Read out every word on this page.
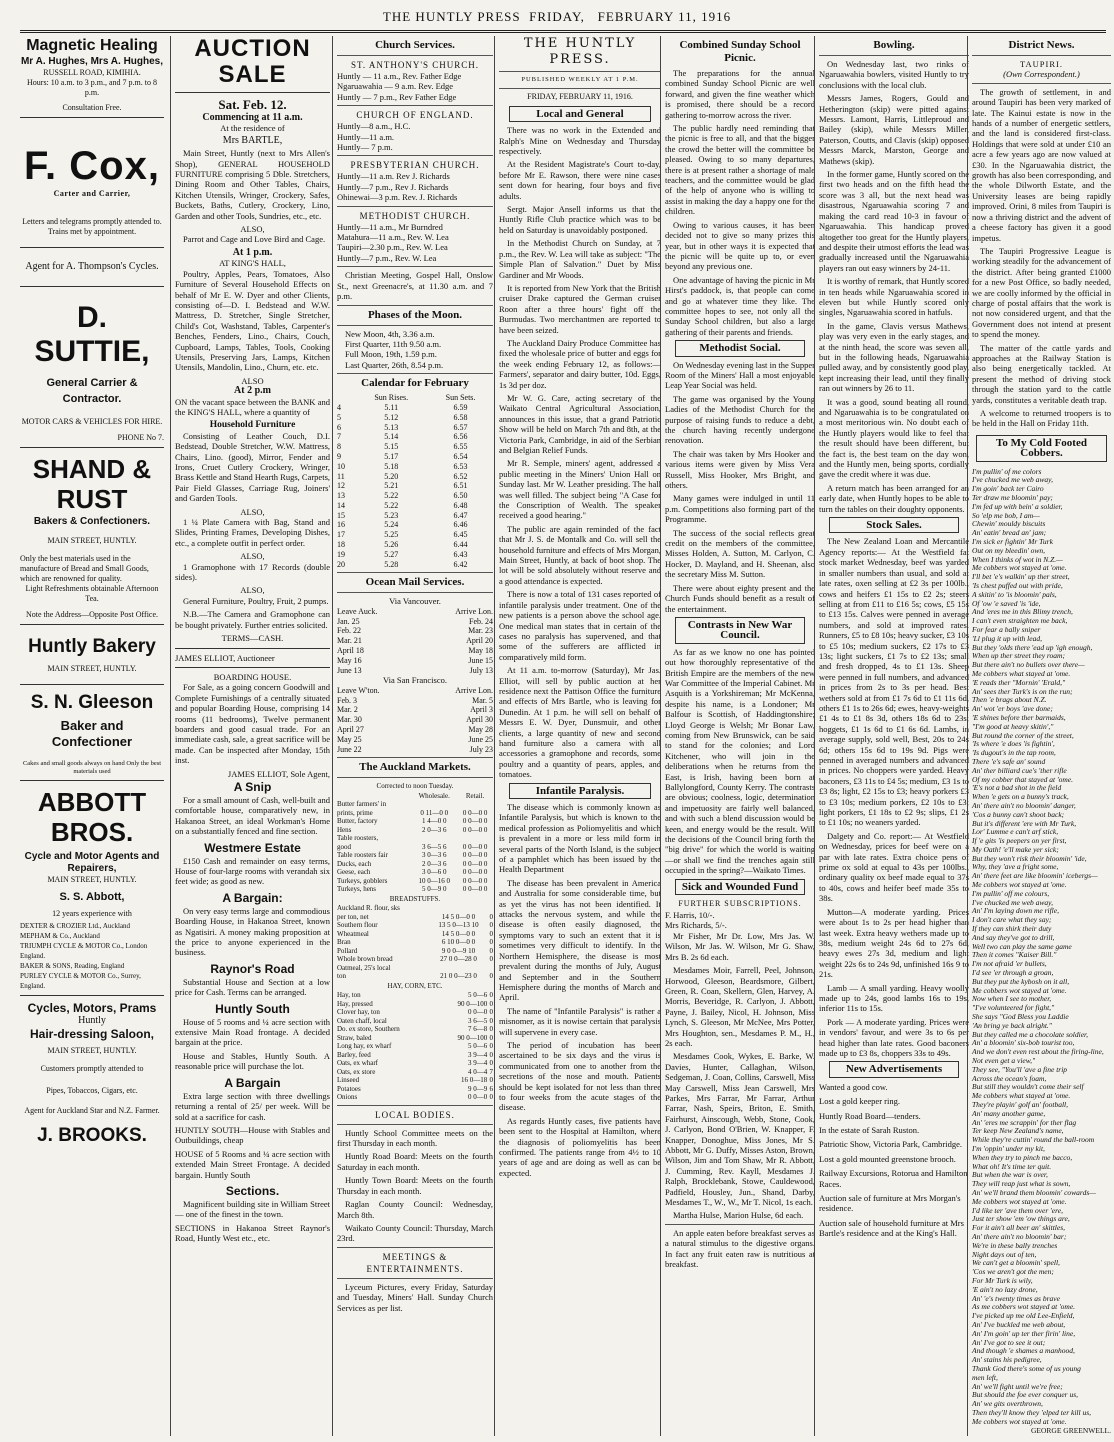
THE HUNTLY PRESS FRIDAY, FEBRUARY 11, 1916
Magnetic Healing
Mr A. Hughes, Mrs A. Hughes,
RUSSELL ROAD, KIMIHIA.
Hours: 10 a.m. to 3 p.m., and 7 p.m. to 8 p.m.
Consultation Free.
F. Cox,
Carter and Carrier,
Letters and telegrams promptly attended to.
Trains met by appointment.
Agent for A. Thompson's Cycles.
D. SUTTIE,
General Carrier &
Contractor.
MOTOR CARS & VEHICLES FOR HIRE.
PHONE No 7.
SHAND & RUST
Bakers & Confectioners.
MAIN STREET, HUNTLY.
Only the best materials used in the manufacture of Bread and Small Goods, which are renowned for quality.
Light Refreshments obtainable Afternoon Tea.
Note the Address—Opposite Post Office.
Huntly Bakery
MAIN STREET, HUNTLY.
S. N. Gleeson
Baker and
Confectioner
Cakes and small goods always on hand Only the best materials used
ABBOTT BROS.
Cycle and Motor Agents and Repairers,
MAIN STREET, HUNTLY.
S. S. Abbott,
12 years experience with
DEXTER & CROZIER Ltd., Auckland
MEPHAM & Co., Auckland
TRIUMPH CYCLE & MOTOR Co., London England.
BAKER & SONS, Reading, England
PURLEY CYCLE & MOTOR Co., Surrey, England.
Cycles, Motors, Prams
Huntly
Hair-dressing Saloon,
MAIN STREET, HUNTLY.
Customers promptly attended to
Pipes, Tobaccos, Cigars, etc.
Agent for Auckland Star and N.Z. Farmer.
J. BROOKS.
AUCTION SALE
Sat. Feb. 12.
Commencing at 11 a.m.
At the residence of
Mrs BARTLE,

Main Street, Huntly (next to Mrs Allen's Shop), GENERAL HOUSEHOLD FURNITURE comprising 5 Dble. Stretchers, Dining Room and Other Tables, Chairs, Kitchen Utensils, Wringer, Crockery, Safes, Buckets, Baths, Cutlery, Crockery, Lino, Garden and other Tools, Sundries, etc., etc.

ALSO,

Parrot and Cage and Love Bird and Cage.

At 1 p.m.
AT KING'S HALL,

Poultry, Apples, Pears, Tomatoes, Also Furniture of Several Household Effects on behalf of Mr E. W. Dyer and other Clients, consisting of—D. I. Bedstead and W.W. Mattress, D. Stretcher, Single Stretcher, Child's Cot, Washstand, Tables, Carpenter's Benches, Fenders, Lino., Chairs, Couch, Cupboard, Lamps, Tables, Tools, Cooking Utensils, Preserving Jars, Lamps, Kitchen Utensils, Mandolin, Lino., Churn, etc. etc.

ALSO
At 2 p.m

ON the vacant space between the BANK and the KING'S HALL, where a quantity of

Household Furniture

Consisting of Leather Couch, D.I. Bedstead, Double Stretcher, W.W. Mattress, Chairs, Lino. (good), Mirror, Fender and Irons, Cruet Cutlery Crockery, Wringer, Brass Kettle and Stand Hearth Rugs, Carpets, Pair Field Glasses, Carriage Rug, Joiners' and Garden Tools.

ALSO,

1 ¼ Plate Camera with Bag, Stand and Slides, Printing Frames, Developing Dishes, etc., a complete outfit in perfect order.

ALSO,

1 Gramophone with 17 Records (double sides).

ALSO,

General Furniture, Poultry, Fruit, 2 pumps.

N.B.—The Camera and Gramophone can be bought privately. Further entries solicited.

TERMS—CASH.
JAMES ELLIOT, Auctioneer
BOARDING HOUSE.

For Sale, as a going concern Goodwill and Complete Furnishings of a centrally situated and popular Boarding House, comprising 14 rooms (11 bedrooms), Twelve permanent boarders and good casual trade. For an immediate cash, sale, a great sacrifice will be made. Can be inspected after Monday, 15th inst.

JAMES ELLIOT, Sole Agent,
A Snip

For a small amount of Cash, well-built and comfortable house, comparatively new, in Hakanoa Street, an ideal Workman's Home on a substantially fenced and fine section.

Westmere Estate

£150 Cash and remainder on easy terms, House of four-large rooms with verandah six feet wide; as good as new.

A Bargain:

On very easy terms large and commodious Boarding House, in Hakanoa Street, known as Ngatisiri. A money making proposition at the price to anyone experienced in the business.

Raynor's Road

Substantial House and Section at a low price for Cash. Terms can be arranged.

Huntly South

House of 5 rooms and ¼ acre section with extensive Main Road frontage. A decided bargain at the price.

House and Stables, Huntly South. A reasonable price will purchase the lot.

A Bargain

Extra large section with three dwellings returning a rental of 25/ per week. Will be sold at a sacrifice for cash.

HUNTLY SOUTH—House with Stables and Outbuildings, cheap

HOUSE of 5 Rooms and ¼ acre section with extended Main Street Frontage. A decided bargain. Huntly South

Sections.

Magnificent building site in William Street — one of the finest in the town.

SECTIONS in Hakanoa Street Raynor's Road, Huntly West etc., etc.

Church Services.
ST. ANTHONY'S CHURCH.
Huntly — 11 a.m., Rev. Father Edge
Ngaruawahia — 9 a.m. Rev. Edge
Huntly — 7 p.m., Rev Father Edge
CHURCH OF ENGLAND.
Huntly—8 a.m., H.C.
Huntly—11 a.m.
Huntly— 7 p.m.
PRESBYTERIAN CHURCH.
Huntly—11 a.m. Rev J. Richards
Huntly—7 p.m., Rev J. Richards
Ohinewai—3 p.m. Rev. J. Richards
METHODIST CHURCH.
Huntly—11 a.m., Mr Burndred
Matahura—11 a.m., Rev. W. Lea
Taupiri—2.30 p.m., Rev. W. Lea
Huntly—7 p.m., Rev. W. Lea

Christian Meeting, Gospel Hall, Onslow St., next Greenacre's, at 11.30 a.m. and 7 p.m.

Phases of the Moon.
New Moon, 4th, 3.36 a.m.
First Quarter, 11th 9.50 a.m.
Full Moon, 19th, 1.59 p.m.
Last Quarter, 26th, 8.54 p.m.
Calendar for February
	Sun Rises.	Sun Sets.
4	5.11	6.59
5	5.12	6.58
6	5.13	6.57
7	5.14	6.56
8	5.15	6.55
9	5.17	6.54
10	5.18	6.53
11	5.20	6.52
12	5.21	6.51
13	5.22	6.50
14	5.22	6.48
15	5.23	6.47
16	5.24	6.46
17	5.25	6.45
18	5.26	6.44
19	5.27	6.43
20	5.28	6.42
Ocean Mail Services.
Via Vancouver.
Leave Auck.	Arrive Lon.
Jan. 25	Feb. 24
Feb. 22	Mar. 23
Mar. 21	April 20
April 18	May 18
May 16	June 15
June 13	July 13
Via San Francisco.
Leave W'ton.	Arrive Lon.
Feb. 3	Mar. 5
Mar. 2	April 3
Mar. 30	April 30
April 27	May 28
May 25	June 25
June 22	July 23
The Auckland Markets.
Corrected to noon Tuesday.
	Wholesale.	Retail.
Butter farmers' in		
prints, prime	0 11—0 0	0 0—0 0
Butter, factory	1 4—0 0	0 0—0 0
Hens	2 0—3 6	0 0—0 0
Table roosters,		
good	3 6—5 6	0 0—0 0
Table roosters fair	3 0—3 6	0 0—0 0
Ducks, each	2 0—3 6	0 0—0 0
Geese, each	3 0—6 0	0 0—0 0
Turkeys, gobblers	10 0—16 0	0 0—0 0
Turkeys, hens	5 0—9 0	0 0—0 0
BREADSTUFFS.
Auckland R. flour, sks		
per ton, net	14 5 0—0 0	0
Southern flour	13 5 0—13 10	0
Wheatmeal	14 5 0—0 0	0
Bran	6 10 0—0 0	0
Pollard	9 0 0—9 10	0
Whole brown bread	27 0 0—28 0	0
Oatmeal, 25's local		
ton	21 0 0—23 0	0
HAY, CORN, ETC.
Hay, ton	5 0—6	0
Hay, pressed	90 0—100	0
Clover hay, ton	0 0—0	0
Oaten chaff, local	3 6—5	0
Do. ex store, Southern	7 6—8	0
Straw, baled	90 0—100	0
Long hay, ex wharf	5 0—6	0
Barley, feed	3 9—4	0
Oats, ex wharf	3 9—4	0
Oats, ex store	4 0—4	7
Linseed	16 0—18	0
Potatoes	9 0—9	6
Onions	0 0—0	0
LOCAL BODIES.

Huntly School Committee meets on the first Thursday in each month.

Huntly Road Board: Meets on the fourth Saturday in each month.

Huntly Town Board: Meets on the fourth Thursday in each month.

Raglan County Council: Wednesday, March 8th.

Waikato County Council: Thursday, March 23rd.

MEETINGS & ENTERTAINMENTS.

Lyceum Pictures, every Friday, Saturday and Tuesday, Miners' Hall. Sunday Church Services as per list.

THE HUNTLY PRESS.
PUBLISHED WEEKLY AT 1 P.M.
FRIDAY, FEBRUARY 11, 1916.
Local and General

There was no work in the Extended and Ralph's Mine on Wednesday and Thursday respectively.

At the Resident Magistrate's Court to-day, before Mr E. Rawson, there were nine cases sent down for hearing, four boys and five adults.

Sergt. Major Ansell informs us that the Huntly Rifle Club practice which was to be held on Saturday is unavoidably postponed.

In the Methodist Church on Sunday, at 7 p.m., the Rev. W. Lea will take as subject: "The Simple Plan of Salvation." Duet by Miss Gardiner and Mr Woods.

It is reported from New York that the British cruiser Drake captured the German cruiser Roon after a three hours' fight off the Burmudas. Two merchantmen are reported to have been seized.

The Auckland Dairy Produce Committee has fixed the wholesale price of butter and eggs for the week ending February 12, as follows:— Farmers', separator and dairy butter, 10d. Eggs, 1s 3d per doz.

Mr W. G. Care, acting secretary of the Waikato Central Agricultural Association, announces in this issue, that a grand Patriotic Show will be held on March 7th and 8th, at the Victoria Park, Cambridge, in aid of the Serbian and Belgian Relief Funds.

Mr R. Semple, miners' agent, addressed a public meeting in the Miners' Union Hall on Sunday last. Mr W. Leather presiding. The hall was well filled. The subject being "A Case for the Conscription of Wealth. The speaker received a good hearing."

The public are again reminded of the fact that Mr J. S. de Montalk and Co. will sell the household furniture and effects of Mrs Morgan, Main Street, Huntly, at back of boot shop. The lot will be sold absolutely without reserve and a good attendance is expected.

There is now a total of 131 cases reported of infantile paralysis under treatment. One of the new patients is a person above the school age. One medical man states that in certain of the cases no paralysis has supervened, and that some of the sufferers are afflicted in comparatively mild form.

At 11 a.m. to-morrow (Saturday), Mr Jas. Elliot, will sell by public auction at her residence next the Pattison Office the furniture and effects of Mrs Bartle, who is leaving for Dunedin. At 1 p.m. he will sell on behalf of Messrs E. W. Dyer, Dunsmuir, and other clients, a large quantity of new and second hand furniture also a camera with all accessories a gramophone and records, some poultry and a quantity of pears, apples, and tomatoes.

Infantile Paralysis.

The disease which is commonly known as Infantile Paralysis, but which is known to the medical profession as Poliomyelitis and which is prevalent in a more or less mild form in several parts of the North Island, is the subject of a pamphlet which has been issued by the Health Department

The disease has been prevalent in America and Australia for some considerable time, but as yet the virus has not been identified. It attacks the nervous system, and while the disease is often easily diagnosed, the symptoms vary to such an extent that it is sometimes very difficult to identify. In the Northern Hemisphere, the disease is most prevalent during the months of July, August and September and in the Southern Hemisphere during the months of March and April.

The name of "Infantile Paralysis" is rather a misnomer, as it is nowise certain that paralysis will supervene in every case.

The period of incubation has been ascertained to be six days and the virus is communicated from one to another from the secretions of the nose and mouth. Patients should be kept isolated for not less than three to four weeks from the acute stages of the disease.

As regards Huntly cases, five patients have been sent to the Hospital at Hamilton, where the diagnosis of poliomyelitis has been confirmed. The patients range from 4½ to 10 years of age and are doing as well as can be expected.

Combined Sunday School Picnic.

The preparations for the annual combined Sunday School Picnic are well forward, and given the fine weather which is promised, there should be a record gathering to-morrow across the river.

The public hardly need reminding that the picnic is free to all, and that the bigger the crowd the better will the committee be pleased. Owing to so many departures, there is at present rather a shortage of male teachers, and the committee would be glad of the help of anyone who is willing to assist in making the day a happy one for the children.

Owing to various causes, it has been decided not to give so many prizes this year, but in other ways it is expected that the picnic will be quite up to, or even beyond any previous one.

One advantage of having the picnic in Mr Hirst's paddock, is, that people can come and go at whatever time they like. The committee hopes to see, not only all the Sunday School children, but also a large gathering of their parents and friends.

Methodist Social.

On Wednesday evening last in the Supper Room of the Miners' Hall a most enjoyable Leap Year Social was held.

The game was organised by the Young Ladies of the Methodist Church for the purpose of raising funds to reduce a debt, the church having recently undergone renovation.

The chair was taken by Mrs Hooker and various items were given by Miss Vera Russell, Miss Hooker, Mrs Bright, and others.

Many games were indulged in until 11 p.m. Competitions also forming part of the Programme.

The success of the social reflects great credit on the members of the committee, Misses Holden, A. Sutton, M. Carlyon, C. Hocker, D. Mayland, and H. Sheenan, also the secretary Miss M. Sutton.

There were about eighty present and the Church Funds should benefit as a result of the entertainment.

Contrasts in New War Council.

As far as we know no one has pointed out how thoroughly representative of the British Empire are the members of the new War Committee of the Imperial Cabinet. Mr Asquith is a Yorkshireman; Mr McKenna, despite his name, is a Londoner; Mr Balfour is Scottish, of Haddingtonshire; Lloyd George is Welsh; Mr Bonar Law, coming from New Brunswick, can be said to stand for the colonies; and Lord Kitchener, who will join in the deliberations when he returns from the East, is Irish, having been born at Ballylongford, County Kerry. The contrasts are obvious; coolness, logic, determination and impetuosity are fairly well balanced, and with such a blend discussion would be keen, and energy would be the result. Will the decisions of the Council bring forth the "big drive" for which the world is waiting—or shall we find the trenches again still occupied in the spring?—Waikato Times.

Sick and Wounded Fund
FURTHER SUBSCRIPTIONS.
F. Harris, 10/-.
Mrs Richards, 5/-.

Mr Fisher, Mr Dr. Low, Mrs Jas. W. Wilson, Mr Jas. W. Wilson, Mr G. Shaw, Mrs B. 2s 6d each.

Mesdames Moir, Farrell, Peel, Johnson, Horwood, Gleeson, Beardsmore, Gilbert, Green, R. Coan, Skellern, Glen, Harvey, A. Morris, Beveridge, R. Carlyon, J. Abbott, Payne, J. Bailey, Nicol, H. Johnson, Miss Lynch, S. Gleeson, Mr McNee, Mrs Potter, Mrs Houghton, sen., Mesdames P. M., H., 2s each.

Mesdames Cook, Wykes, E. Barke, W. Davies, Hunter, Callaghan, Wilson, Sedgeman, J. Coan, Collins, Carswell, Miss May Carswell, Miss Jean Carswell, Mrs Parkes, Mrs Farrar, Mr Farrar, Arthur Farrar, Nash, Speirs, Briton, E. Smith, Fairhurst, Ainscough, Webb, Stone, Cook, J. Carlyon, Bond O'Brien, W. Knapper, F. Knapper, Donoghue, Miss Jones, Mr S. Abbott, Mr G. Duffy, Misses Aston, Brown, Wilson, Jim and Tom Shaw, Mr R. Abbott, J. Cumming, Rev. Kayll, Mesdames J. Ralph, Brocklebank, Stowe, Cauldewood, Padfield, Housley, Jun., Shand, Darby, Mesdames T., W., W., Mr T. Nicol, 1s each.

Martha Hulse, Marion Hulse, 6d each.

An apple eaten before breakfast serves as a natural stimulus to the digestive organs. In fact any fruit eaten raw is nutritious at breakfast.

Bowling.

On Wednesday last, two rinks of Ngaruawahia bowlers, visited Huntly to try conclusions with the local club.

Messrs James, Rogers, Gould and Hetherington (skip) were pitted against Messrs. Lamont, Harris, Littleproud and Bailey (skip), while Messrs Miller, Paterson, Coutts, and Clavis (skip) opposed Messrs Marck, Marston, George and Mathews (skip).

In the former game, Huntly scored on the first two heads and on the fifth head the score was 3 all, but the next head was disastrous, Ngaruawahia scoring 7 and making the card read 10-3 in favour of Ngaruawahia. This handicap proved altogether too great for the Huntly players, and despite their utmost efforts the lead was gradually increased until the Ngaruawahia players ran out easy winners by 24-11.

It is worthy of remark, that Huntly scored in ten heads while Ngaruawahia scored in eleven but while Huntly scored only singles, Ngaruawahia scored in hatfuls.

In the game, Clavis versus Mathews, play was very even in the early stages, and at the ninth head, the score was seven all, but in the following heads, Ngaruawahia pulled away, and by consistently good play, kept increasing their lead, until they finally ran out winners by 26 to 11.

It was a good, sound beating all round, and Ngaruawahia is to be congratulated on a most meritorious win. No doubt each of the Huntly players would like to feel that the result should have been different, but the fact is, the best team on the day won, and the Huntly men, being sports, cordially gave the credit where it was due.

A return match has been arranged for an early date, when Huntly hopes to be able to turn the tables on their doughty opponents.

Stock Sales.

The New Zealand Loan and Mercantile Agency reports:— At the Westfield fat stock market Wednesday, beef was yarded in smaller numbers than usual, and sold at late rates, oxen selling at £2 3s per 100lb., cows and heifers £1 15s to £2 2s; steers selling at from £11 to £16 5s; cows, £5 15s to £13 15s. Calves were penned in average numbers, and sold at improved rates. Runners, £5 to £8 10s; heavy sucker, £3 10s to £5 10s; medium suckers, £2 17s to £3 13s; light suckers, £1 7s to £2 13s; small and fresh dropped, 4s to £1 13s. Sheep were penned in full numbers, and advanced in prices from 2s to 3s per head. Best wethers sold at from £1 7s 6d to £1 11s 6d, others £1 1s to 26s 6d; ewes, heavy-weights £1 4s to £1 8s 3d, others 18s 6d to 23s; hoggets, £1 1s 6d to £1 6s 6d. Lambs, in average supply, sold well, Best, 20s to 24s 6d; others 15s 6d to 19s 9d. Pigs were penned in averaged numbers and advanced in prices. No choppers were yarded. Heavy baconers, £3 11s to £4 5s; medium, £3 1s to £3 8s; light, £2 15s to £3; heavy porkers £3 to £3 10s; medium porkers, £2 10s to £3; light porkers, £1 18s to £2 9s; slips, £1 2s to £1 10s; no weaners yarded.

Dalgety and Co. report:— At Westfield on Wednesday, prices for beef were on a par with late rates. Extra choice pens of prime ox sold at equal to 43s per 100lbs., ordinary quality ox beef made equal to 37s to 40s, cows and heifer beef made 35s to 38s.

Mutton—A moderate yarding. Prices were about 1s to 2s per head higher than last week. Extra heavy wethers made up to 38s, medium weight 24s 6d to 27s 6d, heavy ewes 27s 3d, medium and light weight 22s 6s to 24s 9d, unfinished 16s 9 to 21s.

Lamb — A small yarding. Heavy woolly made up to 24s, good lambs 16s to 19s, inferior 11s to 15s.

Pork — A moderate yarding. Prices were in vendors' favour, and were 3s to 6s per head higher than late rates. Good baconers made up to £3 8s, choppers 33s to 49s.

New Advertisements
Wanted a good cow.
Lost a gold keeper ring.
Huntly Road Board—tenders.
In the estate of Sarah Ruston.
Patriotic Show, Victoria Park, Cambridge.
Lost a gold mounted greenstone brooch.
Railway Excursions, Rotorua and Hamilton Races.
Auction sale of furniture at Mrs Morgan's residence.
Auction sale of household furniture at Mrs Bartle's residence and at the King's Hall.
District News.
TAUPIRI.
(Own Correspondent.)

The growth of settlement, in and around Taupiri has been very marked of late. The Kainui estate is now in the hands of a number of energetic settlers, and the land is considered first-class. Holdings that were sold at under £10 an acre a few years ago are now valued at £30. In the Ngaruawahia district, the growth has also been corresponding, and the whole Dilworth Estate, and the University leases are being rapidly improved. Orini, 8 miles from Taupiri is now a thriving district and the advent of a cheese factory has given it a good impetus.

The Taupiri Progressive League is working steadily for the advancement of the district. After being granted £1000 for a new Post Office, so badly needed, we are coolly informed by the official in charge of postal affairs that the work is not now considered urgent, and that the Government does not intend at present to spend the money.

The matter of the cattle yards and approaches at the Railway Station is also being energetically tackled. At present the method of driving stock through the station yard to the cattle yards, constitutes a veritable death trap.

A welcome to returned troopers is to be held in the Hall on Friday 11th.

To My Cold Footed Cobbers.
I'm pullin' of me colors
I've chucked me web away,
I'm goin' back ter Cairo
Ter draw me bloomin' pay;
I'm fed up with bein' a soldier,
So 'elp me bob, I am—
Chewin' mouldy biscuits
An' eatin' bread an' jam;
I'm sick er fightin' Mr Turk
Out on my bleedin' own,
When I thinks of wot in N.Z.—
Me cobbers wot stayed at 'ome.
I'll bet 'e's walkin' up ther street,
'Is chest puffed out with pride,
A skitin' to 'is bloomin' pals,
Of 'ow 'e saved 'is 'ide,
And 'eres me in this Blimy trench,
I can't even straighten me back,
For fear a bally sniper
'Ll plug it up with lead,
But they 'olds there 'ead up 'igh enough,
When up ther street they roam;
But there ain't no bullets over there—
Me cobbers what stayed at 'ome.
'E reads ther "Mornin' 'Erald,"
An' sees ther Turk's is on the run;
Then 'e brags about N.Z.
An' wot 'er boys 'ave done;
'E shines before ther barmaids,
"I'm good at heavy skitin',"
But round the corner of the street,
'Is where 'e does 'is fightin',
'Is dugout's in the tap room,
There 'e's safe an' sound
An' ther billiard cue's 'ther rifle
Of my cobber that stayed at 'ome.
'E's not a bad shot in the field
When 'e gets on a bunny's track,
An' there ain't no bloomin' danger,
'Cos a bunny can't shoot back;
But it's different 'ere with Mr Turk,
Lor' Lumme e can't arf stick,
If 'e gits 'is peepers on yer first,
My Oath! 'e'll make yer sick;
But they won't risk their bloomin' 'ide,
Why, they 'ave a fright some,
An' there feet are like bloomin' icebergs—
Me cobbers wot stayed at 'ome.
I'm pullin' off me colours,
I've chucked me web away,
An' I'm laying down me rifle,
I don't care what they say;
If they can shirk their duty
And say they've got to drill,
Well two can play the same game
Then it comes "Kaiser Bill."
I'm not afraid 'er bullets,
I'd see 'er through a groan,
But they put the kybosh on it all,
Me cobbers wot stayed at 'ome.
Now when I see to mother,
"I've volunteered for fight,"
She says "God Bless you Laddie
'An bring ye back alright."
But they called me a chocolate soldier,
An' a bloomin' six-bob tourist too,
And we don't even rest about the firing-line,
Not even get a view,"
They see, "You'll 'ave a fine trip
Across the ocean's foam,
But still they wouldn't come their self
Me cobbers what stayed at 'ome.
They're playin' golf an' football,
An' many another game,
An' 'eres me scrappin' for ther flag
Ter keep New Zealand's name,
While they're cuttin' round the ball-room
I'm 'oppin' under my kit,
When they try to pinch me bacco,
What oh! It's time ter quit.
But when the war is over,
They will reap just what is sown,
An' we'll brand them bloomin' cowards—
Me cobbers wot stayed at 'ome.
I'd like ter 'ave them over 'ere,
Just ter show 'em 'ow things are,
For it ain't all beer an' skittles,
An' there ain't no bloomin' bar;
We're in these bally trenches
Night days out of ten,
We can't get a bloomin' spell,
'Cos we aren't got the men;
For Mr Turk is wily,
'E ain't no lazy drone,
An' 'e's twenty times as brave
As me cobbers wot stayed at 'ome.
I've picked up me old Lee-Enfield,
An' I've buckled me web about,
An' I'm goin' up ter ther firin' line,
An' I've got to see it out;
And though 'e shames a manhood,
An' stains his pedigree,
Thank God there's some of us young
men left,
An' we'll fight until we're free;
But should the foe ever conquer us,
An' we gits overthrown,
Then they'll know they 'elped ter kill us,
Me cobbers wot stayed at 'ome.
GEORGE GREENWELL.
